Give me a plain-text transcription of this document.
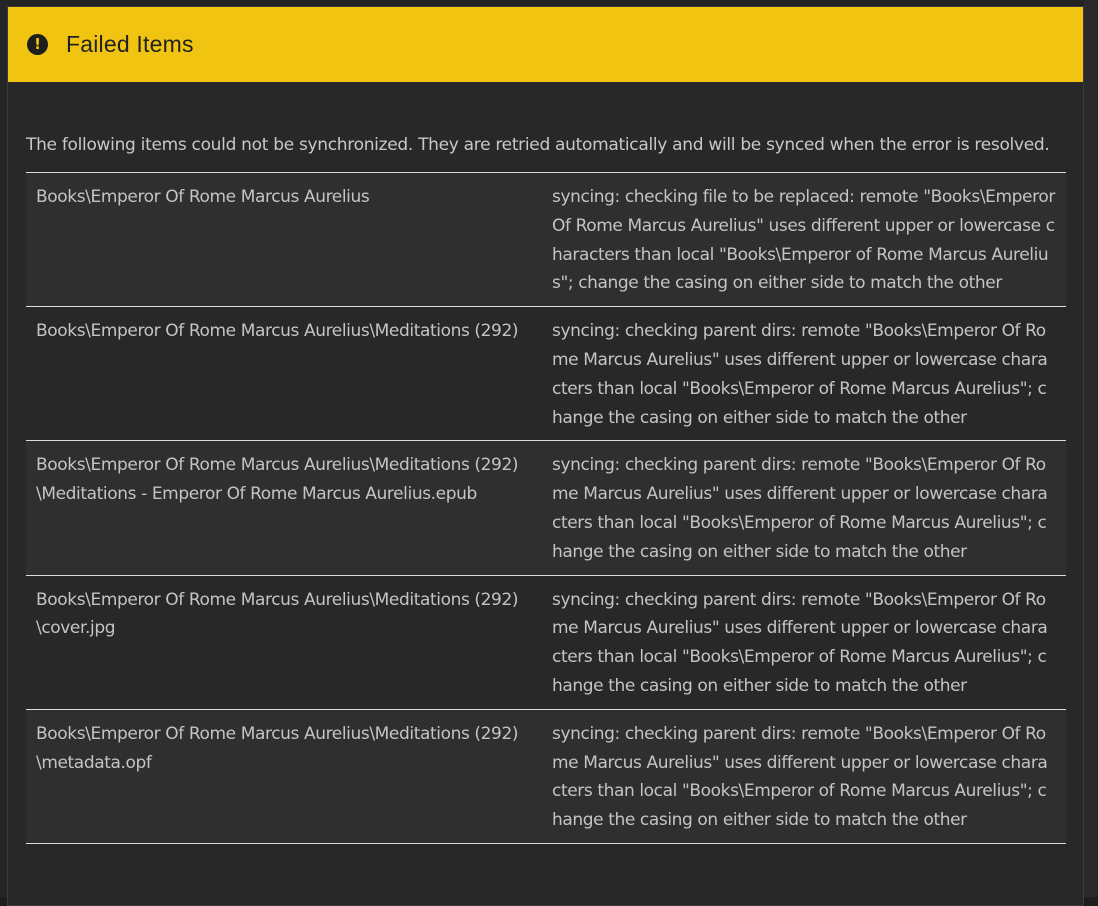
! Failed Items

The following items could not be synchronized. They are retried automatically and will be synced when the error is resolved.

Books\Emperor Of Rome Marcus Aurelius	syncing: checking file to be replaced: remote "Books\Emperor Of Rome Marcus Aurelius" uses different upper or lowercase characters than local "Books\Emperor of Rome Marcus Aurelius"; change the casing on either side to match the other
Books\Emperor Of Rome Marcus Aurelius\Meditations (292)	syncing: checking parent dirs: remote "Books\Emperor Of Rome Marcus Aurelius" uses different upper or lowercase characters than local "Books\Emperor of Rome Marcus Aurelius"; change the casing on either side to match the other
Books\Emperor Of Rome Marcus Aurelius\Meditations (292)\Meditations - Emperor Of Rome Marcus Aurelius.epub	syncing: checking parent dirs: remote "Books\Emperor Of Rome Marcus Aurelius" uses different upper or lowercase characters than local "Books\Emperor of Rome Marcus Aurelius"; change the casing on either side to match the other
Books\Emperor Of Rome Marcus Aurelius\Meditations (292)\cover.jpg	syncing: checking parent dirs: remote "Books\Emperor Of Rome Marcus Aurelius" uses different upper or lowercase characters than local "Books\Emperor of Rome Marcus Aurelius"; change the casing on either side to match the other
Books\Emperor Of Rome Marcus Aurelius\Meditations (292)\metadata.opf	syncing: checking parent dirs: remote "Books\Emperor Of Rome Marcus Aurelius" uses different upper or lowercase characters than local "Books\Emperor of Rome Marcus Aurelius"; change the casing on either side to match the other
